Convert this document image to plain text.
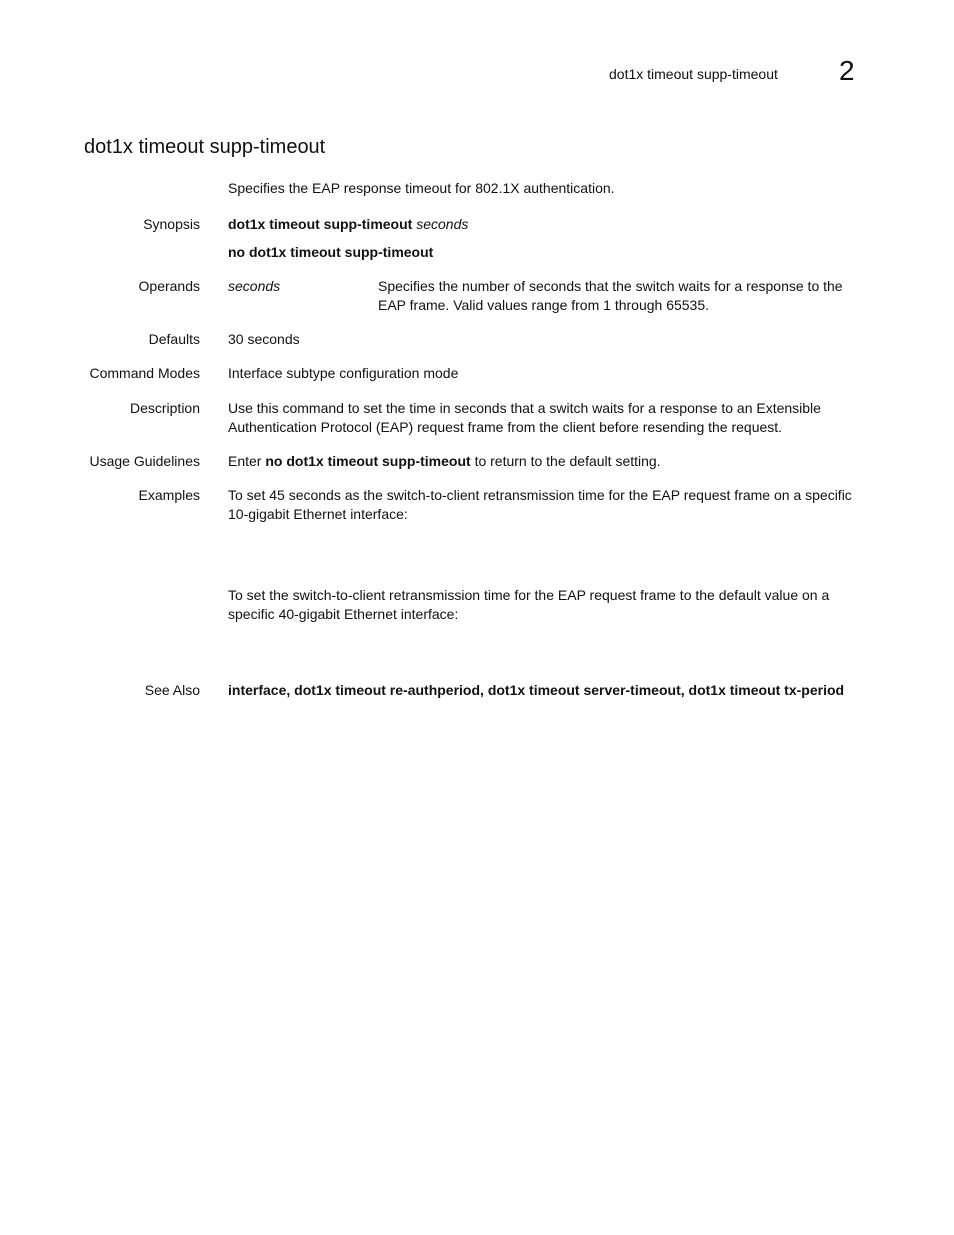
dot1x timeout supp-timeout 2
dot1x timeout supp-timeout
Specifies the EAP response timeout for 802.1X authentication.
Synopsis dot1x timeout supp-timeout seconds
no dot1x timeout supp-timeout
Operands seconds	Specifies the number of seconds that the switch waits for a response to the EAP frame. Valid values range from 1 through 65535.
Defaults 30 seconds
Command Modes Interface subtype configuration mode
Description Use this command to set the time in seconds that a switch waits for a response to an Extensible Authentication Protocol (EAP) request frame from the client before resending the request.
Usage Guidelines Enter no dot1x timeout supp-timeout to return to the default setting.
Examples To set 45 seconds as the switch-to-client retransmission time for the EAP request frame on a specific 10-gigabit Ethernet interface:
To set the switch-to-client retransmission time for the EAP request frame to the default value on a specific 40-gigabit Ethernet interface:
See Also interface, dot1x timeout re-authperiod, dot1x timeout server-timeout, dot1x timeout tx-period
